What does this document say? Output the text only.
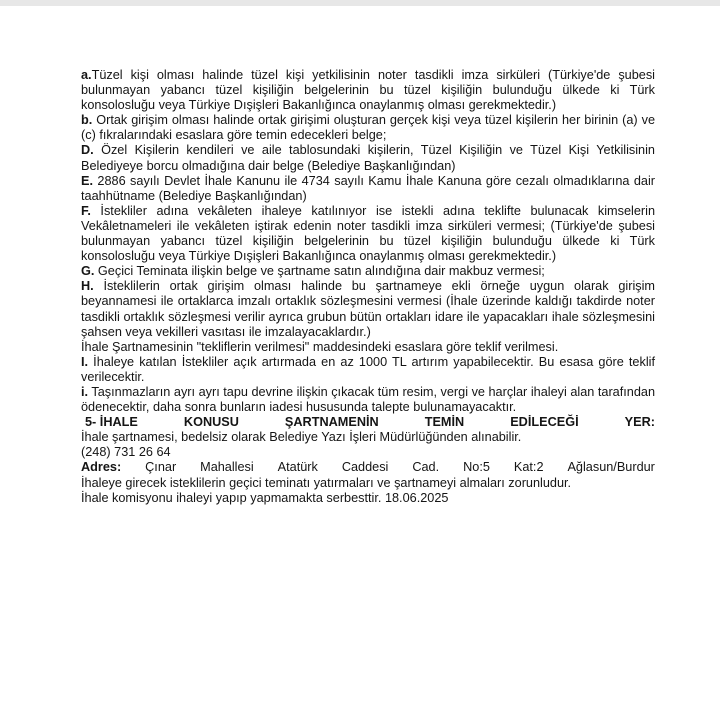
a.Tüzel kişi olması halinde tüzel kişi yetkilisinin noter tasdikli imza sirküleri (Türkiye'de şubesi bulunmayan yabancı tüzel kişiliğin belgelerinin bu tüzel kişiliğin bulunduğu ülkede ki Türk konsolosluğu veya Türkiye Dışişleri Bakanlığınca onaylanmış olması gerekmektedir.)

b. Ortak girişim olması halinde ortak girişimi oluşturan gerçek kişi veya tüzel kişilerin her birinin (a) ve (c) fıkralarındaki esaslara göre temin edecekleri belge;

D. Özel Kişilerin kendileri ve aile tablosundaki kişilerin, Tüzel Kişiliğin ve Tüzel Kişi Yetkilisinin Belediyeye borcu olmadığına dair belge (Belediye Başkanlığından)

E. 2886 sayılı Devlet İhale Kanunu ile 4734 sayılı Kamu İhale Kanuna göre cezalı olmadıklarına dair taahhütname (Belediye Başkanlığından)

F. İstekliler adına vekâleten ihaleye katılınıyor ise istekli adına teklifte bulunacak kimselerin Vekâletnameleri ile vekâleten iştirak edenin noter tasdikli imza sirküleri vermesi; (Türkiye'de şubesi bulunmayan yabancı tüzel kişiliğin belgelerinin bu tüzel kişiliğin bulunduğu ülkede ki Türk konsolosluğu veya Türkiye Dışişleri Bakanlığınca onaylanmış olması gerekmektedir.)

G. Geçici Teminata ilişkin belge ve şartname satın alındığına dair makbuz vermesi;

H. İsteklilerin ortak girişim olması halinde bu şartnameye ekli örneğe uygun olarak girişim beyannamesi ile ortaklarca imzalı ortaklık sözleşmesini vermesi (İhale üzerinde kaldığı takdirde noter tasdikli ortaklık sözleşmesi verilir ayrıca grubun bütün ortakları idare ile yapacakları ihale sözleşmesini şahsen veya vekilleri vasıtası ile imzalayacaklardır.)

İhale Şartnamesinin "tekliflerin verilmesi" maddesindeki esaslara göre teklif verilmesi.

I. İhaleye katılan İstekliler açık artırmada en az 1000 TL artırım yapabilecektir. Bu esasa göre teklif verilecektir.

i. Taşınmazların ayrı ayrı tapu devrine ilişkin çıkacak tüm resim, vergi ve harçlar ihaleyi alan tarafından ödenecektir, daha sonra bunların iadesi hususunda talepte bulunamayacaktır.

5- İHALE	KONUSU	ŞARTNAMENİN	TEMİN	EDİLECEĞİ	YER:

İhale şartnamesi, bedelsiz olarak Belediye Yazı İşleri Müdürlüğünden alınabilir.

(248) 731 26 64

Adres: Çınar Mahallesi Atatürk Caddesi Cad. No:5 Kat:2 Ağlasun/Burdur

İhaleye girecek isteklilerin geçici teminatı yatırmaları ve şartnameyi almaları zorunludur.

İhale komisyonu ihaleyi yapıp yapmamakta serbesttir. 18.06.2025
